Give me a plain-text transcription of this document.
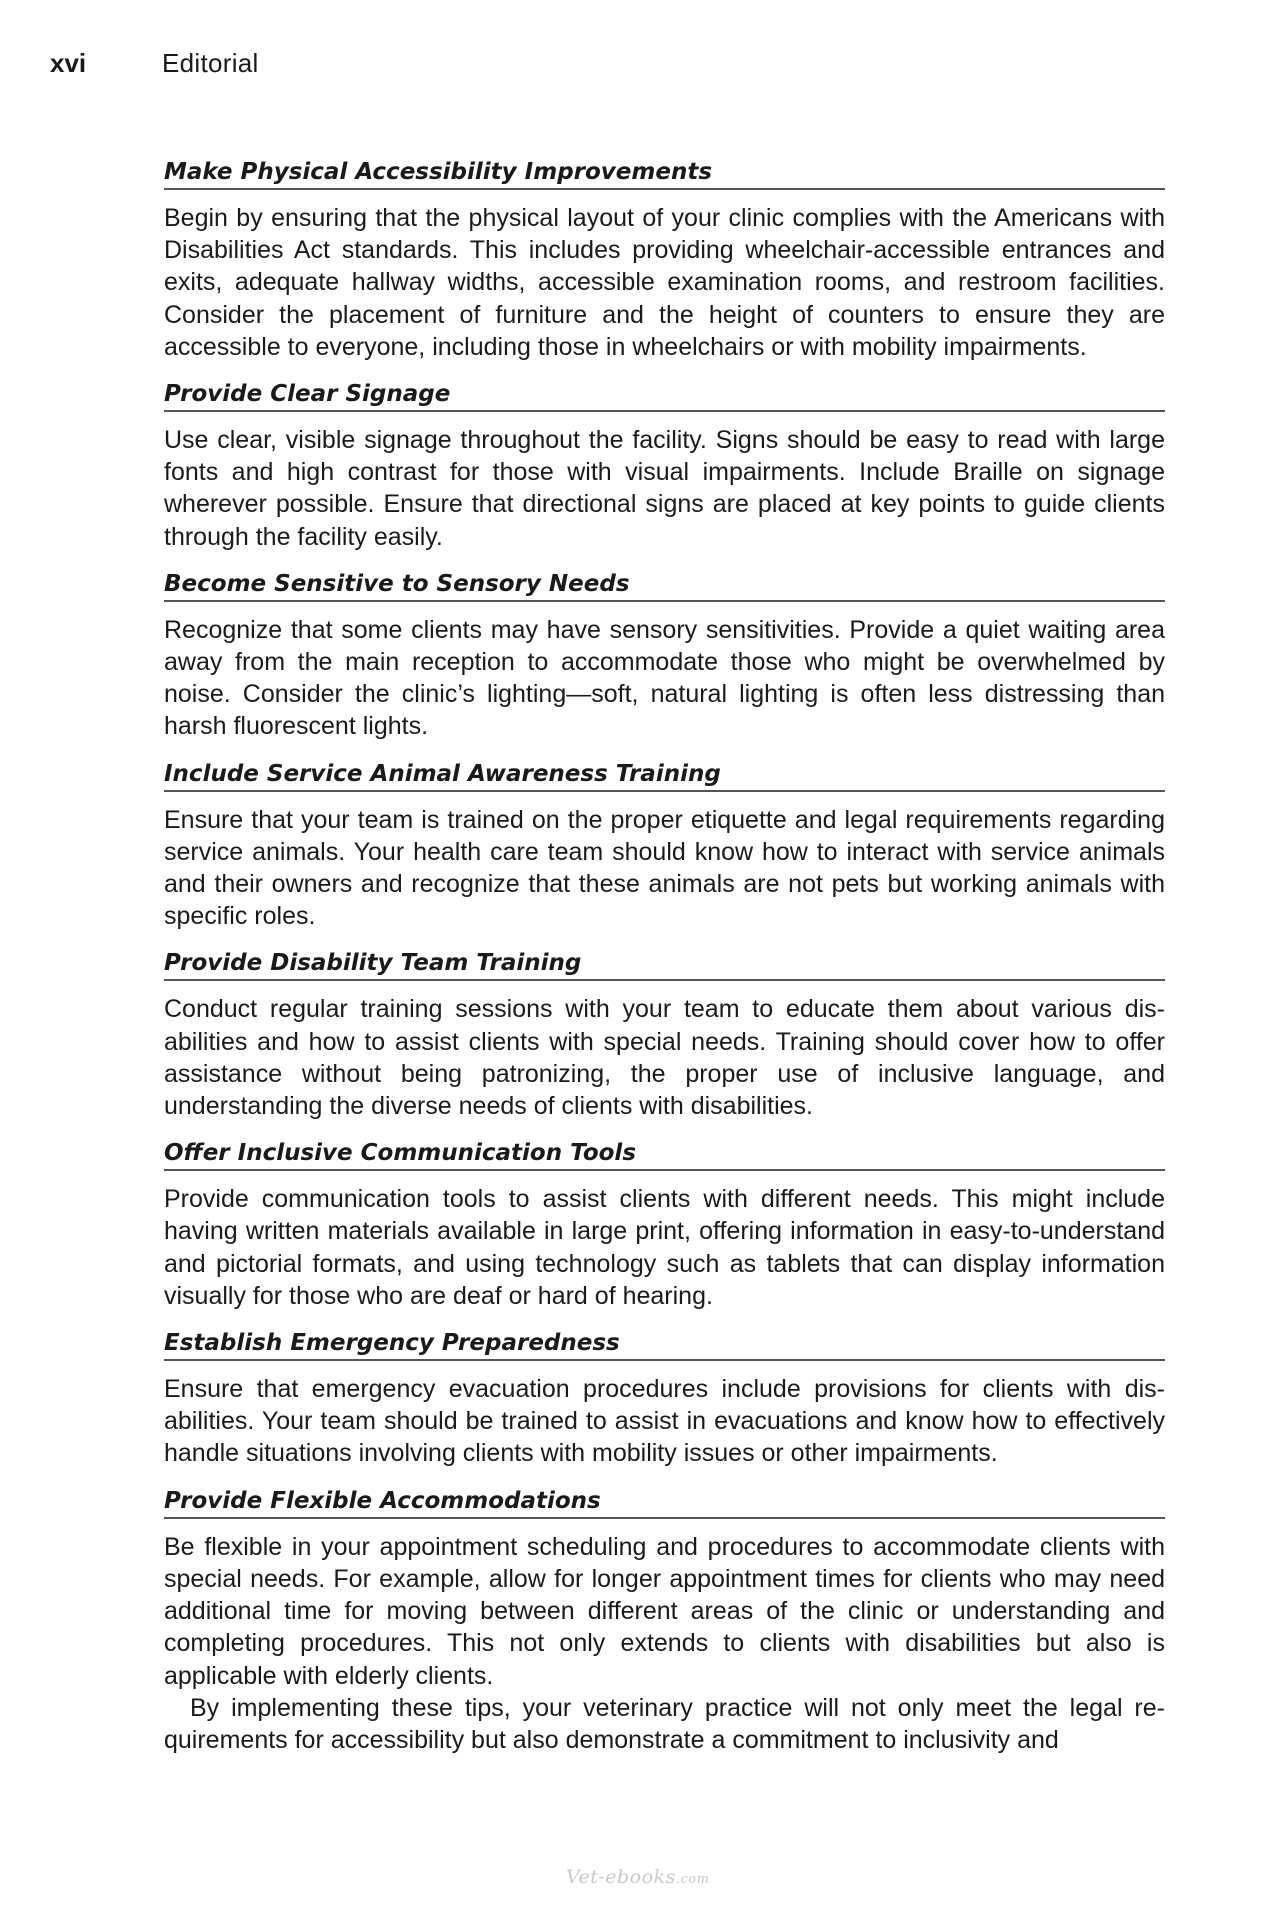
xvi	Editorial
Make Physical Accessibility Improvements

Begin by ensuring that the physical layout of your clinic complies with the Americans with Disabilities Act standards. This includes providing wheelchair-accessible entrances and exits, adequate hallway widths, accessible examination rooms, and restroom facilities. Consider the placement of furniture and the height of counters to ensure they are accessible to everyone, including those in wheelchairs or with mobility impairments.

Provide Clear Signage

Use clear, visible signage throughout the facility. Signs should be easy to read with large fonts and high contrast for those with visual impairments. Include Braille on signage wherever possible. Ensure that directional signs are placed at key points to guide clients through the facility easily.

Become Sensitive to Sensory Needs

Recognize that some clients may have sensory sensitivities. Provide a quiet waiting area away from the main reception to accommodate those who might be overwhelmed by noise. Consider the clinic’s lighting—soft, natural lighting is often less distressing than harsh fluorescent lights.

Include Service Animal Awareness Training

Ensure that your team is trained on the proper etiquette and legal requirements regarding service animals. Your health care team should know how to interact with service animals and their owners and recognize that these animals are not pets but working animals with specific roles.

Provide Disability Team Training

Conduct regular training sessions with your team to educate them about various disabilities and how to assist clients with special needs. Training should cover how to offer assistance without being patronizing, the proper use of inclusive language, and understanding the diverse needs of clients with disabilities.

Offer Inclusive Communication Tools

Provide communication tools to assist clients with different needs. This might include having written materials available in large print, offering information in easy-to-understand and pictorial formats, and using technology such as tablets that can display information visually for those who are deaf or hard of hearing.

Establish Emergency Preparedness

Ensure that emergency evacuation procedures include provisions for clients with disabilities. Your team should be trained to assist in evacuations and know how to effectively handle situations involving clients with mobility issues or other impairments.

Provide Flexible Accommodations

Be flexible in your appointment scheduling and procedures to accommodate clients with special needs. For example, allow for longer appointment times for clients who may need additional time for moving between different areas of the clinic or understanding and completing procedures. This not only extends to clients with disabilities but also is applicable with elderly clients.

By implementing these tips, your veterinary practice will not only meet the legal requirements for accessibility but also demonstrate a commitment to inclusivity and

Vet-ebooks.com
